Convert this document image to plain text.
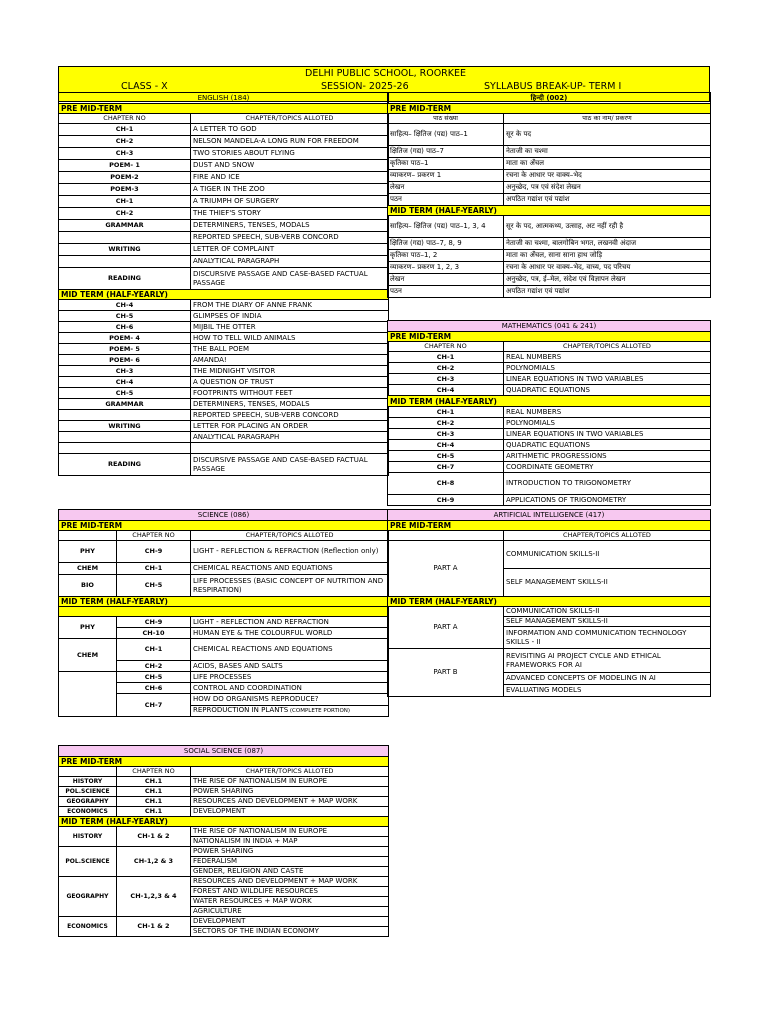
DELHI PUBLIC SCHOOL, ROORKEE
CLASS - X	SESSION- 2025-26	SYLLABUS BREAK-UP- TERM I
ENGLISH (184)	
PRE MID-TERM	
CHAPTER NO	CHAPTER/TOPICS ALLOTED
CH-1	A LETTER TO GOD
CH-2	NELSON MANDELA-A LONG RUN FOR FREEDOM
CH-3	TWO STORIES ABOUT FLYING
POEM- 1	DUST AND SNOW
POEM-2	FIRE AND ICE
POEM-3	A TIGER IN THE ZOO
CH-1	A TRIUMPH OF SURGERY
CH-2	THE THIEF'S STORY
GRAMMAR	DETERMINERS, TENSES, MODALS
	REPORTED SPEECH, SUB-VERB CONCORD
WRITING	LETTER OF COMPLAINT
	ANALYTICAL PARAGRAPH
READING	DISCURSIVE PASSAGE AND CASE-BASED FACTUAL PASSAGE
MID TERM (HALF-YEARLY)	
CH-4	FROM THE DIARY OF ANNE FRANK
CH-5	GLIMPSES OF INDIA
CH-6	MIJBIL THE OTTER
POEM- 4	HOW TO TELL WILD ANIMALS
POEM- 5	THE BALL POEM
POEM- 6	AMANDA!
CH-3	THE MIDNIGHT VISITOR
CH-4	A QUESTION OF TRUST
CH-5	FOOTPRINTS WITHOUT FEET
GRAMMAR	DETERMINERS, TENSES, MODALS
	REPORTED SPEECH, SUB-VERB CONCORD
WRITING	LETTER FOR PLACING AN ORDER
	ANALYTICAL PARAGRAPH

READING	DISCURSIVE PASSAGE AND CASE-BASED FACTUAL PASSAGE
हिन्दी (002)	
PRE MID-TERM	
पाठ संख्या	पाठ का नाम/ प्रकरण
साहित्य– क्षितिज (पद्य) पाठ–1	सूर के पद
क्षितिज (गद्य) पाठ–7	नेताजी का चश्मा
कृतिका पाठ–1	माता का अँचल
व्याकरण– प्रकरण 1	रचना के आधार पर वाक्य–भेद
लेखन	अनुच्छेद, पत्र एवं संदेश लेखन
पठन	अपठित गद्यांश एवं पद्यांश
MID TERM (HALF-YEARLY)	
साहित्य– क्षितिज (पद्य) पाठ–1, 3, 4	सूर के पद, आत्मकथ्य, उत्साह, अट नहीं रही है
क्षितिज (गद्य) पाठ–7, 8, 9	नेताजी का चश्मा, बालगोबिन भगत, लखनवी अंदाज
कृतिका पाठ–1, 2	माता का अँचल, साना साना हाथ जोड़ि
व्याकरण– प्रकरण 1, 2, 3	रचना के आधार पर वाक्य–भेद, वाच्य, पद परिचय
लेखन	अनुच्छेद, पत्र, ई–मेल, संदेश एवं विज्ञापन लेखन
पठन	अपठित गद्यांश एवं पद्यांश
MATHEMATICS (041 & 241)	
PRE MID-TERM	
CHAPTER NO	CHAPTER/TOPICS ALLOTED
CH-1	REAL NUMBERS
CH-2	POLYNOMIALS
CH-3	LINEAR EQUATIONS IN TWO VARIABLES
CH-4	QUADRATIC EQUATIONS
MID TERM (HALF-YEARLY)	
CH-1	REAL NUMBERS
CH-2	POLYNOMIALS
CH-3	LINEAR EQUATIONS IN TWO VARIABLES
CH-4	QUADRATIC EQUATIONS
CH-5	ARITHMETIC PROGRESSIONS
CH-7	COORDINATE GEOMETRY
CH-8	INTRODUCTION TO TRIGONOMETRY
CH-9	APPLICATIONS OF TRIGONOMETRY
SCIENCE (086)		
PRE MID-TERM		
	CHAPTER NO	CHAPTER/TOPICS ALLOTED
PHY	CH-9	LIGHT - REFLECTION & REFRACTION (Reflection only)
CHEM	CH-1	CHEMICAL REACTIONS AND EQUATIONS
BIO	CH-5	LIFE PROCESSES (BASIC CONCEPT OF NUTRITION AND RESPIRATION)
MID TERM (HALF-YEARLY)		

PHY	CH-9	LIGHT - REFLECTION AND REFRACTION
	CH-10	HUMAN EYE & THE COLOURFUL WORLD
CHEM	CH-1	CHEMICAL REACTIONS AND EQUATIONS
	CH-2	ACIDS, BASES AND SALTS
	CH-5	LIFE PROCESSES
	CH-6	CONTROL AND COORDINATION
	CH-7	HOW DO ORGANISMS REPRODUCE?
		REPRODUCTION IN PLANTS (COMPLETE PORTION)
ARTIFICIAL INTELLIGENCE (417)	
PRE MID-TERM	
	CHAPTER/TOPICS ALLOTED
PART A	COMMUNICATION SKILLS-II
	SELF MANAGEMENT SKILLS-II
MID TERM (HALF-YEARLY)	
PART A	COMMUNICATION SKILLS-II
	SELF MANAGEMENT SKILLS-II
	INFORMATION AND COMMUNICATION TECHNOLOGY SKILLS - II
PART B	REVISITING AI PROJECT CYCLE AND ETHICAL FRAMEWORKS FOR AI
	ADVANCED CONCEPTS OF MODELING IN AI
	EVALUATING MODELS
SOCIAL SCIENCE (087)		
PRE MID-TERM		
	CHAPTER NO	CHAPTER/TOPICS ALLOTED
HISTORY	CH.1	THE RISE OF NATIONALISM IN EUROPE
POL.SCIENCE	CH.1	POWER SHARING
GEOGRAPHY	CH.1	RESOURCES AND DEVELOPMENT + MAP WORK
ECONOMICS	CH.1	DEVELOPMENT
MID TERM (HALF-YEARLY)		
HISTORY	CH-1 & 2	THE RISE OF NATIONALISM IN EUROPE
		NATIONALISM IN INDIA + MAP
POL.SCIENCE	CH-1,2 & 3	POWER SHARING
		FEDERALISM
		GENDER, RELIGION AND CASTE
GEOGRAPHY	CH-1,2,3 & 4	RESOURCES AND DEVELOPMENT + MAP WORK
		FOREST AND WILDLIFE RESOURCES
		WATER RESOURCES + MAP WORK
		AGRICULTURE
ECONOMICS	CH-1 & 2	DEVELOPMENT
		SECTORS OF THE INDIAN ECONOMY
